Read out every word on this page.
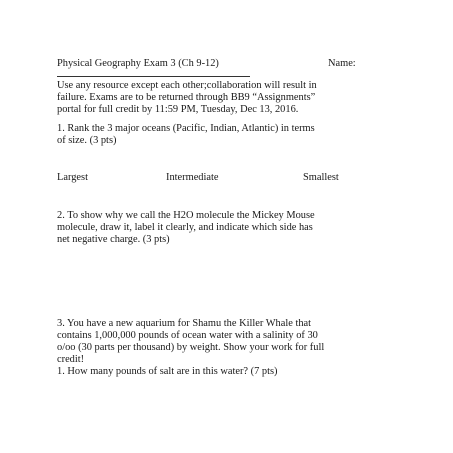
Physical Geography Exam 3 (Ch 9-12)	Name:
Use any resource except each other;collaboration will result in
failure. Exams are to be returned through BB9 “Assignments”
portal for full credit by 11:59 PM, Tuesday, Dec 13, 2016.
1. Rank the 3 major oceans (Pacific, Indian, Atlantic) in terms
of size. (3 pts)
Largest	Intermediate	Smallest
2. To show why we call the H2O molecule the Mickey Mouse
molecule, draw it, label it clearly, and indicate which side has
net negative charge. (3 pts)
3. You have a new aquarium for Shamu the Killer Whale that
contains 1,000,000 pounds of ocean water with a salinity of 30
o/oo (30 parts per thousand) by weight. Show your work for full
credit!
1. How many pounds of salt are in this water? (7 pts)
